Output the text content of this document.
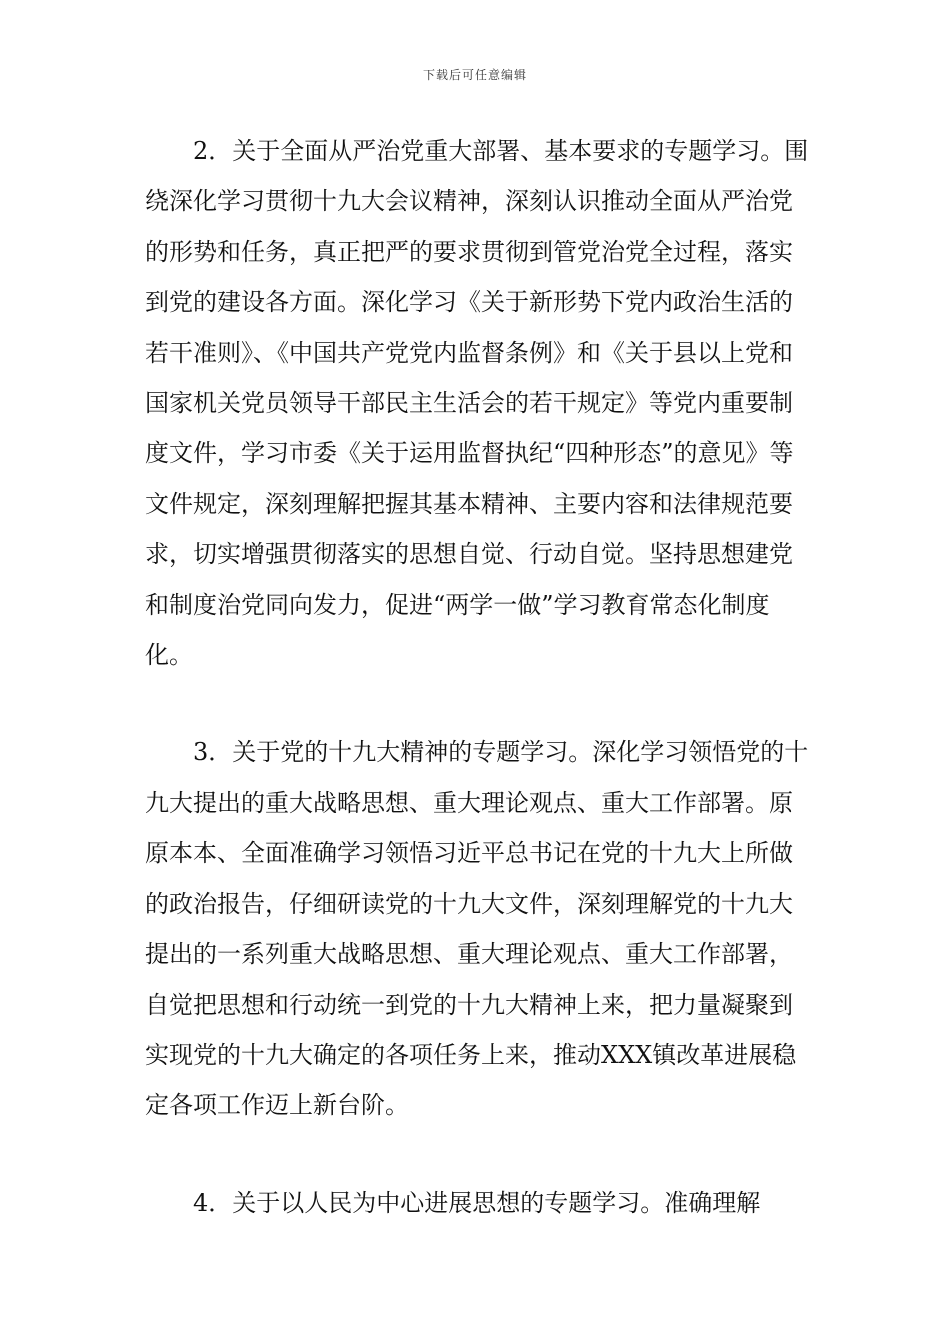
下载后可任意编辑

2．关于全面从严治党重大部署、基本要求的专题学习。围绕深化学习贯彻十九大会议精神，深刻认识推动全面从严治党的形势和任务，真正把严的要求贯彻到管党治党全过程，落实到党的建设各方面。深化学习《关于新形势下党内政治生活的若干准则》、《中国共产党党内监督条例》和《关于县以上党和国家机关党员领导干部民主生活会的若干规定》等党内重要制度文件，学习市委《关于运用监督执纪“四种形态”的意见》等文件规定，深刻理解把握其基本精神、主要内容和法律规范要求，切实增强贯彻落实的思想自觉、行动自觉。坚持思想建党和制度治党同向发力，促进“两学一做”学习教育常态化制度化。

3．关于党的十九大精神的专题学习。深化学习领悟党的十九大提出的重大战略思想、重大理论观点、重大工作部署。原原本本、全面准确学习领悟习近平总书记在党的十九大上所做的政治报告，仔细研读党的十九大文件，深刻理解党的十九大提出的一系列重大战略思想、重大理论观点、重大工作部署，自觉把思想和行动统一到党的十九大精神上来，把力量凝聚到实现党的十九大确定的各项任务上来，推动XXX镇改革进展稳定各项工作迈上新台阶。

4．关于以人民为中心进展思想的专题学习。准确理解
